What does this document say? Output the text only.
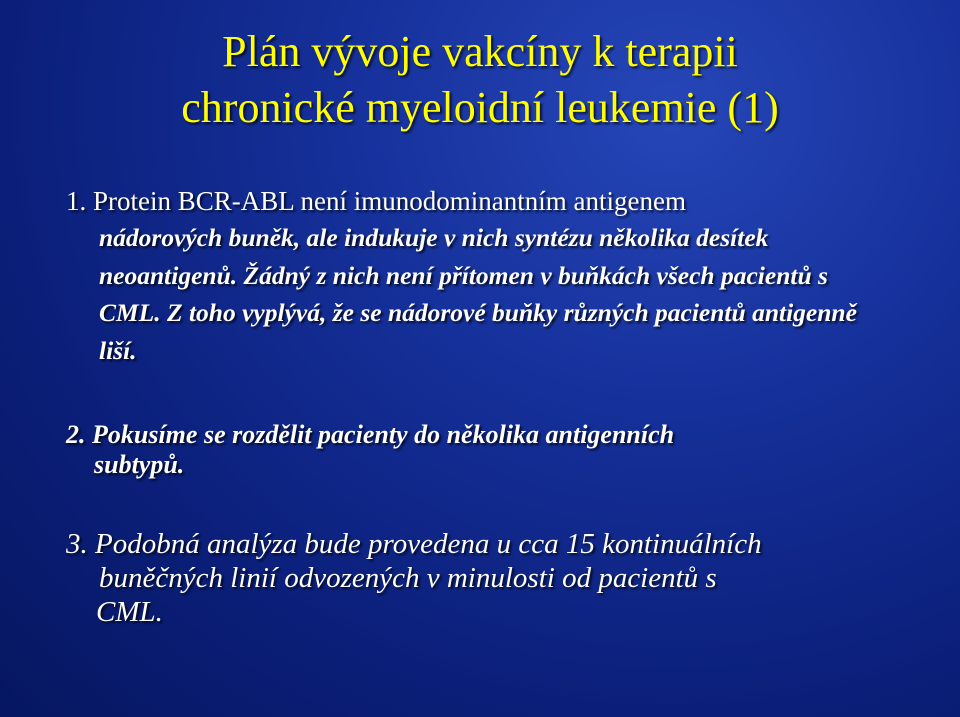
Plán vývoje vakcíny k terapii
chronické myeloidní leukemie (1)
1. Protein BCR-ABL není imunodominantním antigenem
nádorových buněk, ale indukuje v nich syntézu několika desítek neoantigenů. Žádný z nich není přítomen v buňkách všech pacientů s CML. Z toho vyplývá, že se nádorové buňky různých pacientů antigenně liší.
2. Pokusíme se rozdělit pacienty do několika antigenních
subtypů.
3. Podobná analýza bude provedena u cca 15 kontinuálních
buněčných linií odvozených v minulosti od pacientů s
CML.
